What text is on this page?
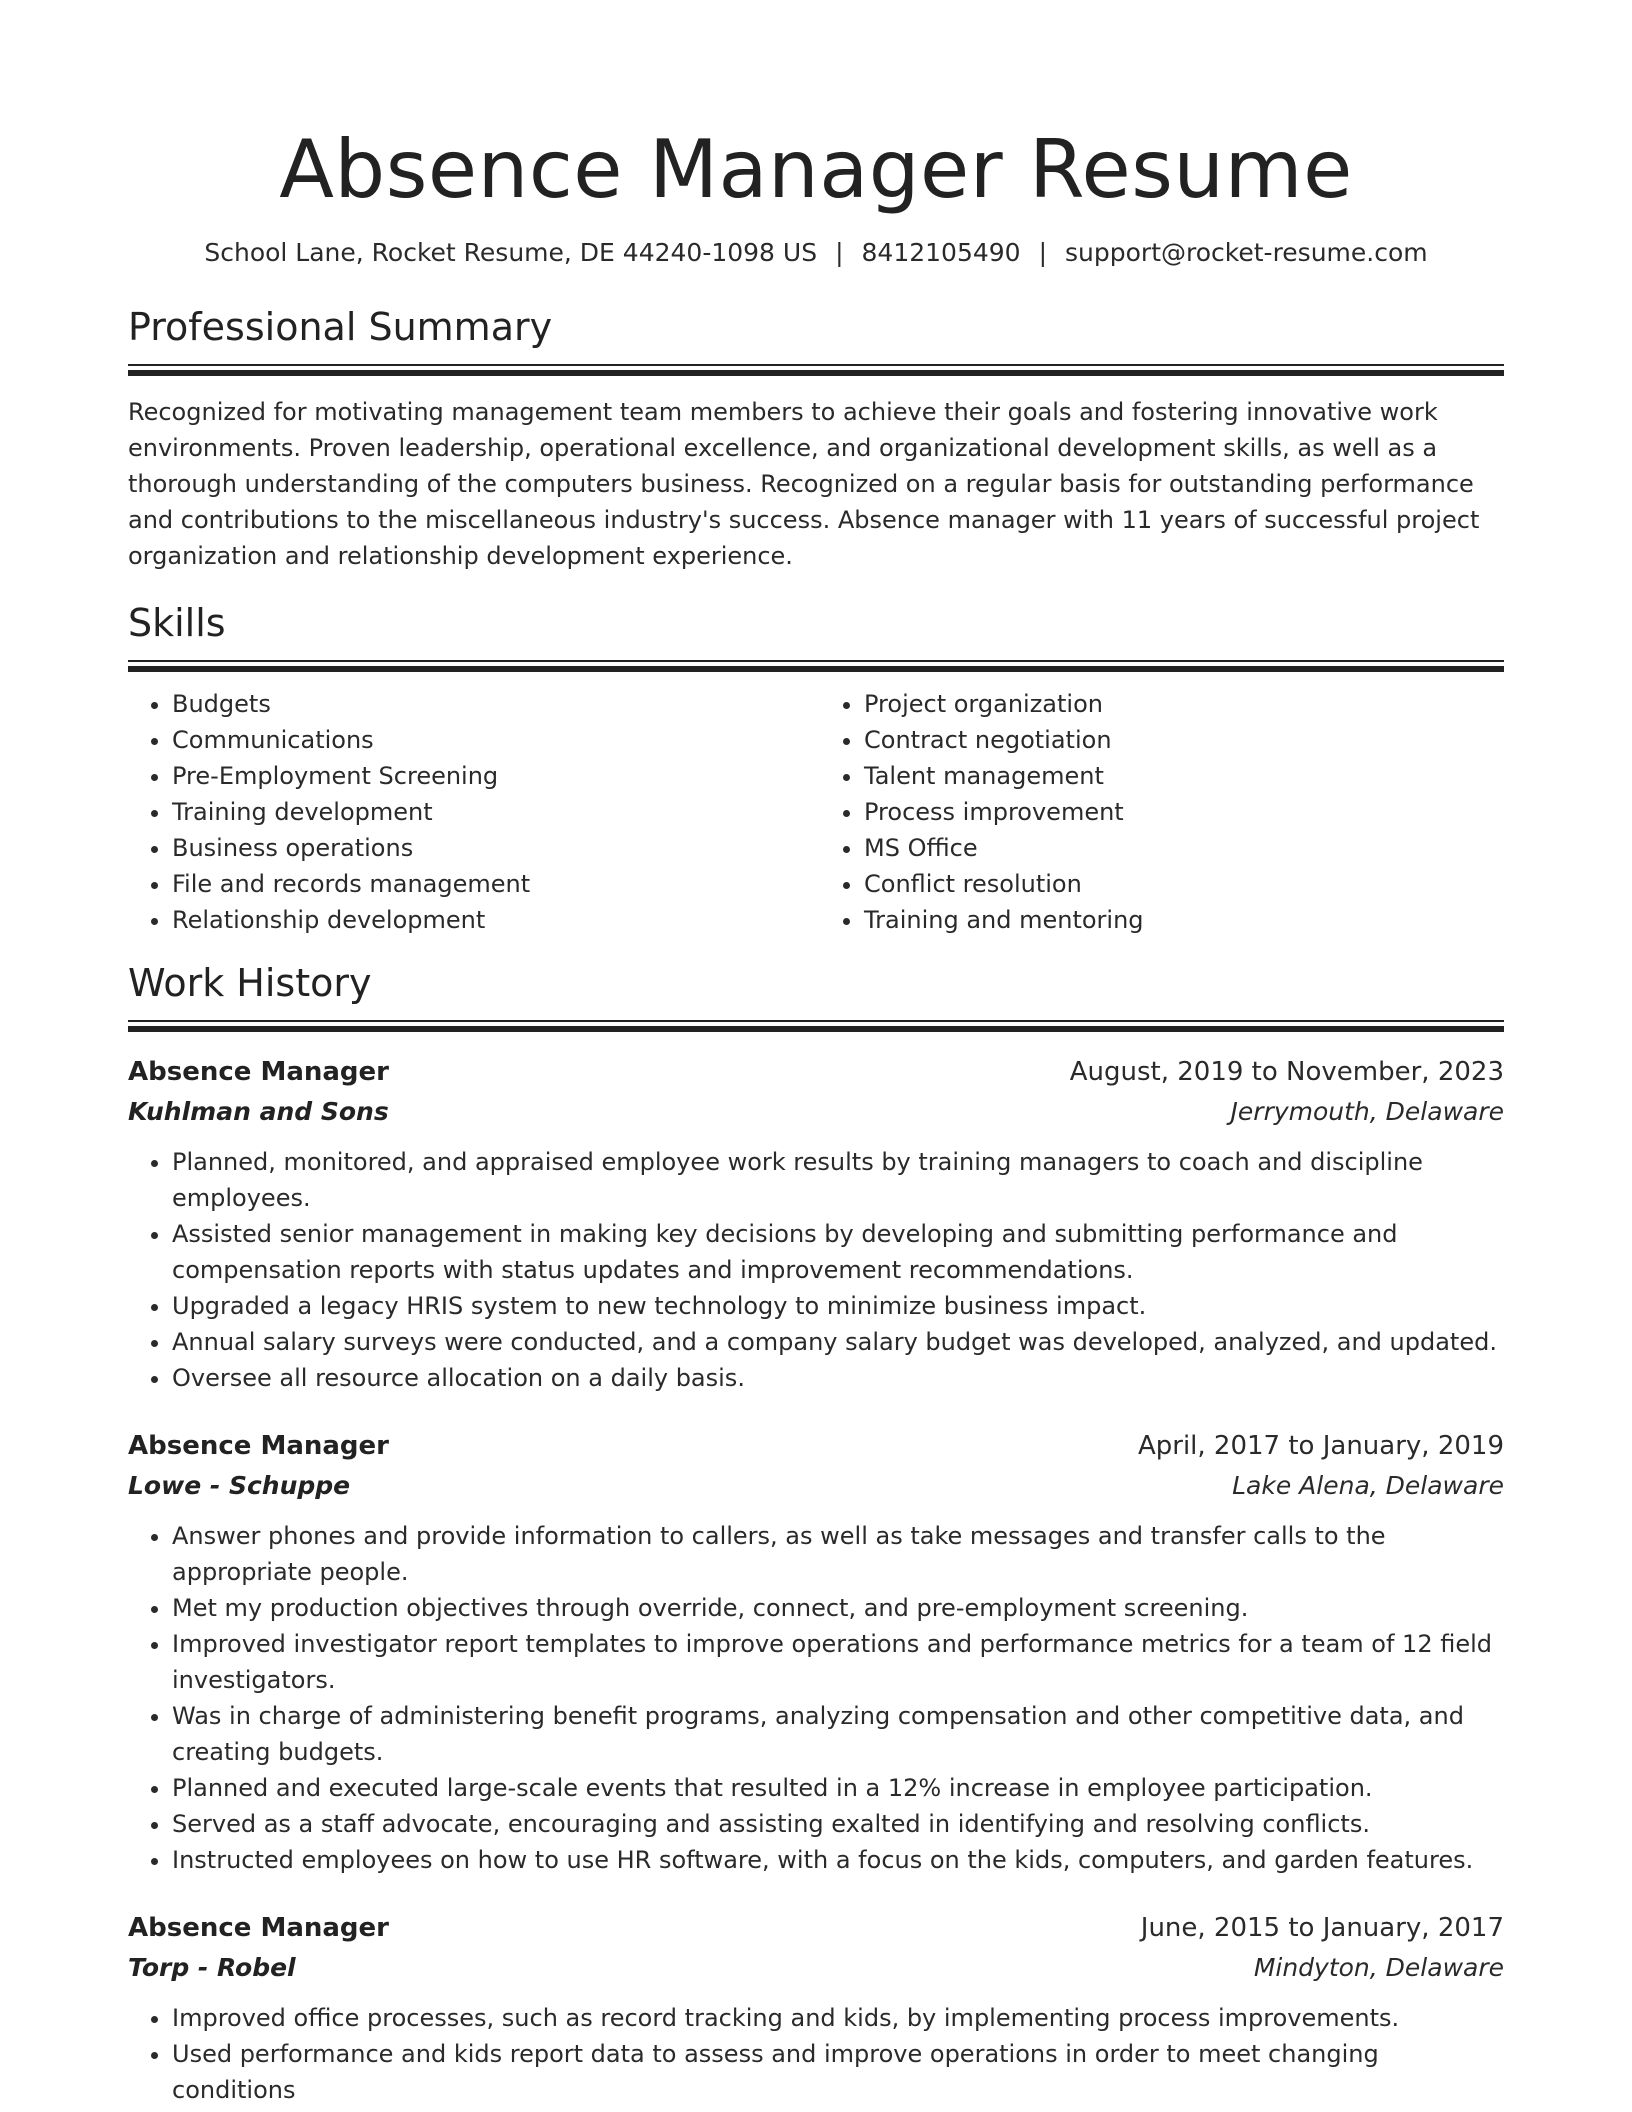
Absence Manager Resume
School Lane, Rocket Resume, DE 44240-1098 US | 8412105490 | support@rocket-resume.com
Professional Summary

Recognized for motivating management team members to achieve their goals and fostering innovative work environments. Proven leadership, operational excellence, and organizational development skills, as well as a thorough understanding of the computers business. Recognized on a regular basis for outstanding performance and contributions to the miscellaneous industry's success. Absence manager with 11 years of successful project organization and relationship development experience.

Skills
• Budgets
• Communications
• Pre-Employment Screening
• Training development
• Business operations
• File and records management
• Relationship development
• Project organization
• Contract negotiation
• Talent management
• Process improvement
• MS Office
• Conflict resolution
• Training and mentoring
Work History
Absence Manager	August, 2019 to November, 2023
Kuhlman and Sons	Jerrymouth, Delaware
• Planned, monitored, and appraised employee work results by training managers to coach and discipline employees.
• Assisted senior management in making key decisions by developing and submitting performance and compensation reports with status updates and improvement recommendations.
• Upgraded a legacy HRIS system to new technology to minimize business impact.
• Annual salary surveys were conducted, and a company salary budget was developed, analyzed, and updated.
• Oversee all resource allocation on a daily basis.
Absence Manager	April, 2017 to January, 2019
Lowe - Schuppe	Lake Alena, Delaware
• Answer phones and provide information to callers, as well as take messages and transfer calls to the appropriate people.
• Met my production objectives through override, connect, and pre-employment screening.
• Improved investigator report templates to improve operations and performance metrics for a team of 12 field investigators.
• Was in charge of administering benefit programs, analyzing compensation and other competitive data, and creating budgets.
• Planned and executed large-scale events that resulted in a 12% increase in employee participation.
• Served as a staff advocate, encouraging and assisting exalted in identifying and resolving conflicts.
• Instructed employees on how to use HR software, with a focus on the kids, computers, and garden features.
Absence Manager	June, 2015 to January, 2017
Torp - Robel	Mindyton, Delaware
• Improved office processes, such as record tracking and kids, by implementing process improvements.
• Used performance and kids report data to assess and improve operations in order to meet changing conditions
